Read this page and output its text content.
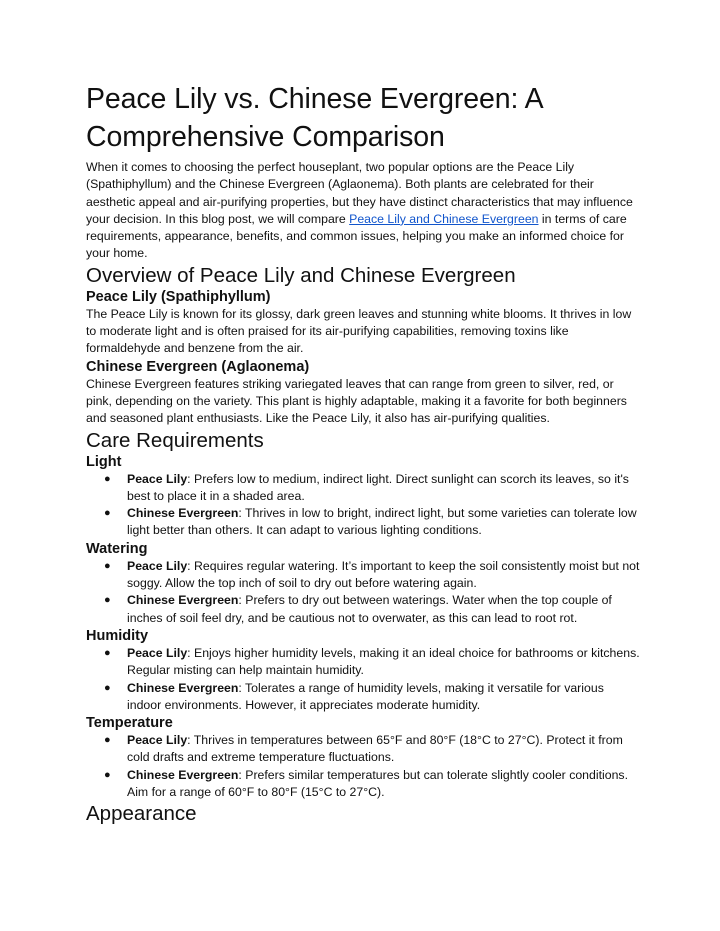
Peace Lily vs. Chinese Evergreen: A Comprehensive Comparison

When it comes to choosing the perfect houseplant, two popular options are the Peace Lily (Spathiphyllum) and the Chinese Evergreen (Aglaonema). Both plants are celebrated for their aesthetic appeal and air-purifying properties, but they have distinct characteristics that may influence your decision. In this blog post, we will compare Peace Lily and Chinese Evergreen in terms of care requirements, appearance, benefits, and common issues, helping you make an informed choice for your home.

Overview of Peace Lily and Chinese Evergreen
Peace Lily (Spathiphyllum)

The Peace Lily is known for its glossy, dark green leaves and stunning white blooms. It thrives in low to moderate light and is often praised for its air-purifying capabilities, removing toxins like formaldehyde and benzene from the air.

Chinese Evergreen (Aglaonema)

Chinese Evergreen features striking variegated leaves that can range from green to silver, red, or pink, depending on the variety. This plant is highly adaptable, making it a favorite for both beginners and seasoned plant enthusiasts. Like the Peace Lily, it also has air-purifying qualities.

Care Requirements
Light
● Peace Lily: Prefers low to medium, indirect light. Direct sunlight can scorch its leaves, so it's best to place it in a shaded area.
● Chinese Evergreen: Thrives in low to bright, indirect light, but some varieties can tolerate low light better than others. It can adapt to various lighting conditions.
Watering
● Peace Lily: Requires regular watering. It’s important to keep the soil consistently moist but not soggy. Allow the top inch of soil to dry out before watering again.
● Chinese Evergreen: Prefers to dry out between waterings. Water when the top couple of inches of soil feel dry, and be cautious not to overwater, as this can lead to root rot.
Humidity
● Peace Lily: Enjoys higher humidity levels, making it an ideal choice for bathrooms or kitchens. Regular misting can help maintain humidity.
● Chinese Evergreen: Tolerates a range of humidity levels, making it versatile for various indoor environments. However, it appreciates moderate humidity.
Temperature
● Peace Lily: Thrives in temperatures between 65°F and 80°F (18°C to 27°C). Protect it from cold drafts and extreme temperature fluctuations.
● Chinese Evergreen: Prefers similar temperatures but can tolerate slightly cooler conditions. Aim for a range of 60°F to 80°F (15°C to 27°C).
Appearance
